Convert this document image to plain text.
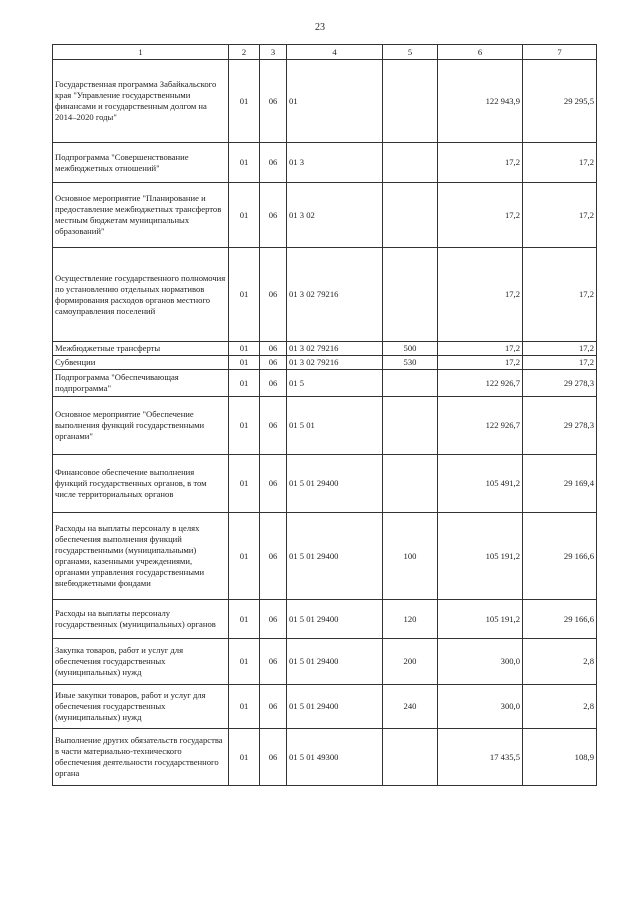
23
1	2	3	4	5	6	7
Государственная программа Забайкальского края "Управление государственными финансами и государственным долгом на 2014–2020 годы"	01	06	01		122 943,9	29 295,5
Подпрограмма "Совершенствование межбюджетных отношений"	01	06	01 3		17,2	17,2
Основное мероприятие "Планирование и предоставление межбюджетных трансфертов местным бюджетам муниципальных образований"	01	06	01 3 02		17,2	17,2
Осуществление государственного полномочия по установлению отдельных нормативов формирования расходов органов местного самоуправления поселений	01	06	01 3 02 79216		17,2	17,2
Межбюджетные трансферты	01	06	01 3 02 79216	500	17,2	17,2
Субвенции	01	06	01 3 02 79216	530	17,2	17,2
Подпрограмма "Обеспечивающая подпрограмма"	01	06	01 5		122 926,7	29 278,3
Основное мероприятие "Обеспечение выполнения функций государственными органами"	01	06	01 5 01		122 926,7	29 278,3
Финансовое обеспечение выполнения функций государственных органов, в том числе территориальных органов	01	06	01 5 01 29400		105 491,2	29 169,4
Расходы на выплаты персоналу в целях обеспечения выполнения функций государственными (муниципальными) органами, казенными учреждениями, органами управления государственными внебюджетными фондами	01	06	01 5 01 29400	100	105 191,2	29 166,6
Расходы на выплаты персоналу государственных (муниципальных) органов	01	06	01 5 01 29400	120	105 191,2	29 166,6
Закупка товаров, работ и услуг для обеспечения государственных (муниципальных) нужд	01	06	01 5 01 29400	200	300,0	2,8
Иные закупки товаров, работ и услуг для обеспечения государственных (муниципальных) нужд	01	06	01 5 01 29400	240	300,0	2,8
Выполнение других обязательств государства в части материально-технического обеспечения деятельности государственного органа	01	06	01 5 01 49300		17 435,5	108,9
